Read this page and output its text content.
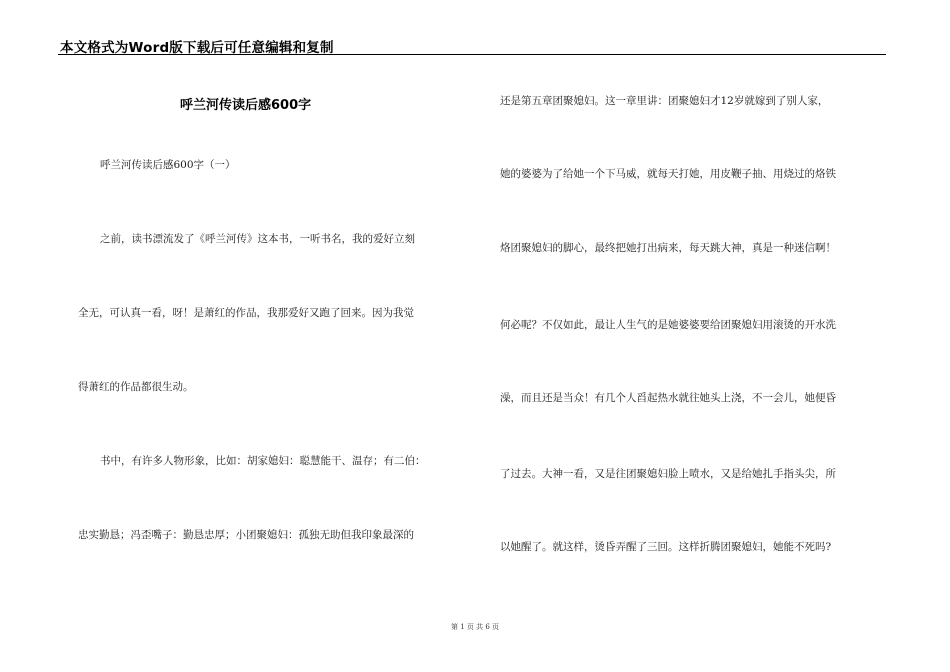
本文格式为Word版下载后可任意编辑和复制
呼兰河传读后感600字
呼兰河传读后感600字（一）
之前，读书漂流发了《呼兰河传》这本书，一听书名，我的爱好立刻
全无，可认真一看，呀！是萧红的作品，我那爱好又跑了回来。因为我觉
得萧红的作品都很生动。
书中，有许多人物形象，比如：胡家媳妇：聪慧能干、温存；有二伯：
忠实勤恳；冯歪嘴子：勤恳忠厚；小团聚媳妇：孤独无助但我印象最深的
还是第五章团聚媳妇。这一章里讲：团聚媳妇才12岁就嫁到了别人家，
她的婆婆为了给她一个下马威，就每天打她，用皮鞭子抽、用烧过的烙铁
烙团聚媳妇的脚心，最终把她打出病来，每天跳大神，真是一种迷信啊！
何必呢？不仅如此，最让人生气的是她婆婆要给团聚媳妇用滚烫的开水洗
澡，而且还是当众！有几个人舀起热水就往她头上浇，不一会儿，她便昏
了过去。大神一看，又是往团聚媳妇脸上喷水，又是给她扎手指头尖，所
以她醒了。就这样，烫昏弄醒了三回。这样折腾团聚媳妇，她能不死吗?
第 1 页 共 6 页
